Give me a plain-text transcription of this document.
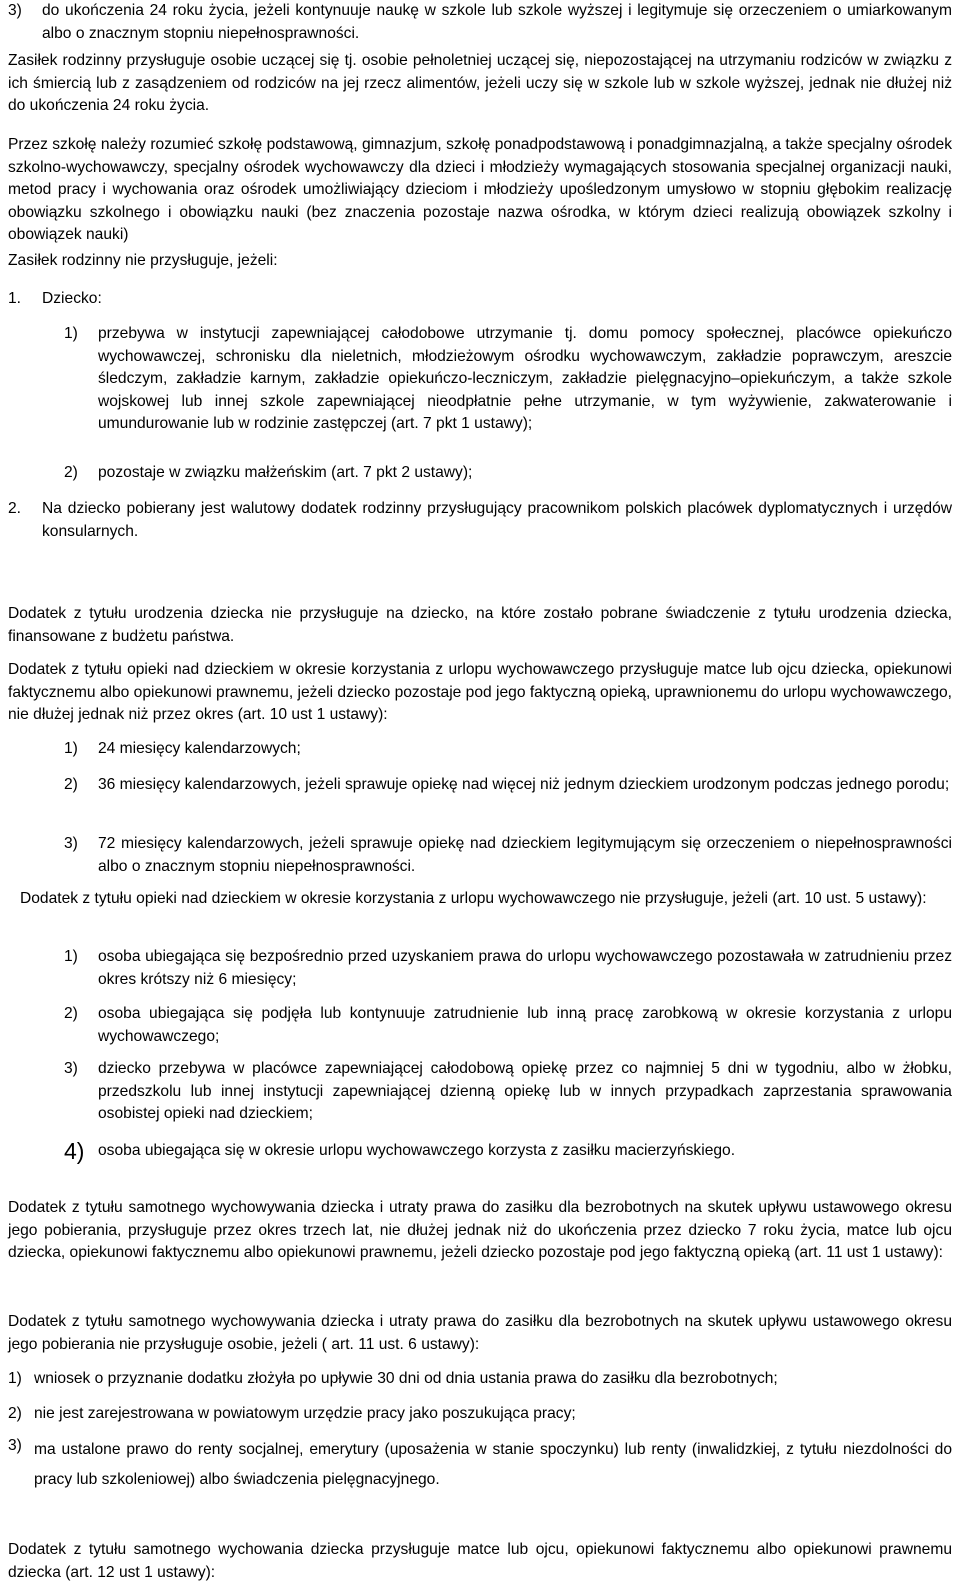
3) do ukończenia 24 roku życia, jeżeli kontynuuje naukę w szkole lub szkole wyższej i legitymuje się orzeczeniem o umiarkowanym albo o znacznym stopniu niepełnosprawności.
Zasiłek rodzinny przysługuje osobie uczącej się tj. osobie pełnoletniej uczącej się, niepozostającej na utrzymaniu rodziców w związku z ich śmiercią lub z zasądzeniem od rodziców na jej rzecz alimentów, jeżeli uczy się w szkole lub w szkole wyższej, jednak nie dłużej niż do ukończenia 24 roku życia.
Przez szkołę należy rozumieć szkołę podstawową, gimnazjum, szkołę ponadpodstawową i ponadgimnazjalną, a także specjalny ośrodek szkolno-wychowawczy, specjalny ośrodek wychowawczy dla dzieci i młodzieży wymagających stosowania specjalnej organizacji nauki, metod pracy i wychowania oraz ośrodek umożliwiający dzieciom i młodzieży upośledzonym umysłowo w stopniu głębokim realizację obowiązku szkolnego i obowiązku nauki (bez znaczenia pozostaje nazwa ośrodka, w którym dzieci realizują obowiązek szkolny i obowiązek nauki)
Zasiłek rodzinny nie przysługuje, jeżeli:
1. Dziecko:
1) przebywa w instytucji zapewniającej całodobowe utrzymanie tj. domu pomocy społecznej, placówce opiekuńczo wychowawczej, schronisku dla nieletnich, młodzieżowym ośrodku wychowawczym, zakładzie poprawczym, areszcie śledczym, zakładzie karnym, zakładzie opiekuńczo-leczniczym, zakładzie pielęgnacyjno–opiekuńczym, a także szkole wojskowej lub innej szkole zapewniającej nieodpłatnie pełne utrzymanie, w tym wyżywienie, zakwaterowanie i umundurowanie lub w rodzinie zastępczej (art. 7 pkt 1 ustawy);
2) pozostaje w związku małżeńskim (art. 7 pkt 2 ustawy);
2. Na dziecko pobierany jest walutowy dodatek rodzinny przysługujący pracownikom polskich placówek dyplomatycznych i urzędów konsularnych.
Dodatek z tytułu urodzenia dziecka nie przysługuje na dziecko, na które zostało pobrane świadczenie z tytułu urodzenia dziecka, finansowane z budżetu państwa.
Dodatek z tytułu opieki nad dzieckiem w okresie korzystania z urlopu wychowawczego przysługuje matce lub ojcu dziecka, opiekunowi faktycznemu albo opiekunowi prawnemu, jeżeli dziecko pozostaje pod jego faktyczną opieką, uprawnionemu do urlopu wychowawczego, nie dłużej jednak niż przez okres (art. 10 ust 1 ustawy):
1) 24 miesięcy kalendarzowych;
2) 36 miesięcy kalendarzowych, jeżeli sprawuje opiekę nad więcej niż jednym dzieckiem urodzonym podczas jednego porodu;
3) 72 miesięcy kalendarzowych, jeżeli sprawuje opiekę nad dzieckiem legitymującym się orzeczeniem o niepełnosprawności albo o znacznym stopniu niepełnosprawności.
Dodatek z tytułu opieki nad dzieckiem w okresie korzystania z urlopu wychowawczego nie przysługuje, jeżeli (art. 10 ust. 5 ustawy):
1) osoba ubiegająca się bezpośrednio przed uzyskaniem prawa do urlopu wychowawczego pozostawała w zatrudnieniu przez okres krótszy niż 6 miesięcy;
2) osoba ubiegająca się podjęła lub kontynuuje zatrudnienie lub inną pracę zarobkową w okresie korzystania z urlopu wychowawczego;
3) dziecko przebywa w placówce zapewniającej całodobową opiekę przez co najmniej 5 dni w tygodniu, albo w żłobku, przedszkolu lub innej instytucji zapewniającej dzienną opiekę lub w innych przypadkach zaprzestania sprawowania osobistej opieki nad dzieckiem;
4) osoba ubiegająca się w okresie urlopu wychowawczego korzysta z zasiłku macierzyńskiego.
Dodatek z tytułu samotnego wychowywania dziecka i utraty prawa do zasiłku dla bezrobotnych na skutek upływu ustawowego okresu jego pobierania, przysługuje przez okres trzech lat, nie dłużej jednak niż do ukończenia przez dziecko 7 roku życia, matce lub ojcu dziecka, opiekunowi faktycznemu albo opiekunowi prawnemu, jeżeli dziecko pozostaje pod jego faktyczną opieką (art. 11 ust 1 ustawy):
Dodatek z tytułu samotnego wychowywania dziecka i utraty prawa do zasiłku dla bezrobotnych na skutek upływu ustawowego okresu jego pobierania nie przysługuje osobie, jeżeli ( art. 11 ust. 6 ustawy):
1) wniosek o przyznanie dodatku złożyła po upływie 30 dni od dnia ustania prawa do zasiłku dla bezrobotnych;
2) nie jest zarejestrowana w powiatowym urzędzie pracy jako poszukująca pracy;
3) ma ustalone prawo do renty socjalnej, emerytury (uposażenia w stanie spoczynku) lub renty (inwalidzkiej, z tytułu niezdolności do pracy lub szkoleniowej) albo świadczenia pielęgnacyjnego.
Dodatek z tytułu samotnego wychowania dziecka przysługuje matce lub ojcu, opiekunowi faktycznemu albo opiekunowi prawnemu dziecka (art. 12 ust 1 ustawy):
